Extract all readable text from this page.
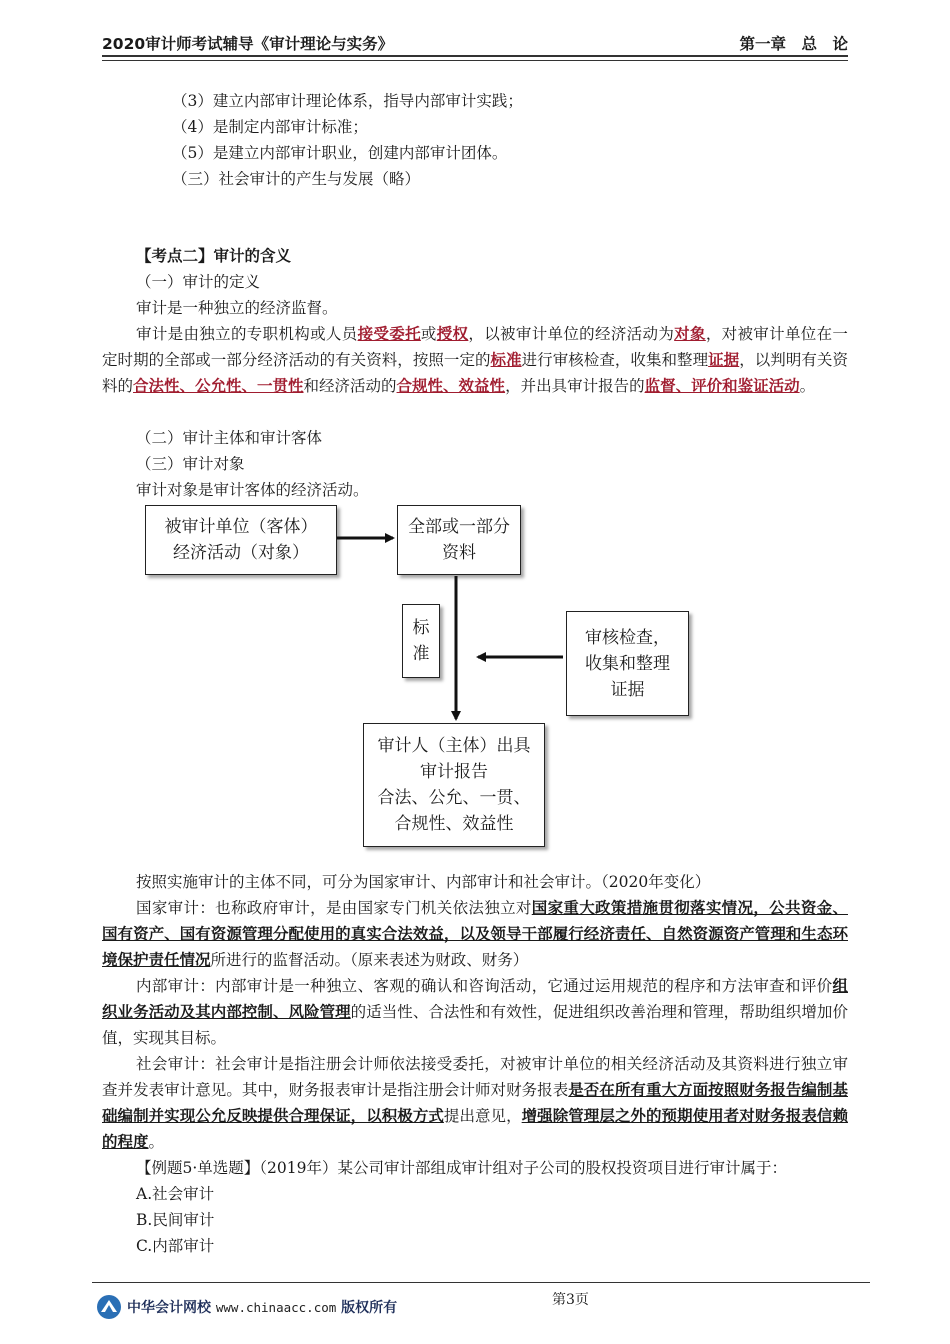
2020审计师考试辅导《审计理论与实务》	第一章　总　论
（3）建立内部审计理论体系，指导内部审计实践；
（4）是制定内部审计标准；
（5）是建立内部审计职业，创建内部审计团体。
（三）社会审计的产生与发展（略）
【考点二】审计的含义
（一）审计的定义
审计是一种独立的经济监督。
审计是由独立的专职机构或人员接受委托或授权，以被审计单位的经济活动为对象，对被审计单位在一定时期的全部或一部分经济活动的有关资料，按照一定的标准进行审核检查，收集和整理证据，以判明有关资料的合法性、公允性、一贯性和经济活动的合规性、效益性，并出具审计报告的监督、评价和鉴证活动。
（二）审计主体和审计客体
（三）审计对象
审计对象是审计客体的经济活动。
被审计单位（客体）
经济活动（对象）
全部或一部分
资料
标
准
审核检查，
收集和整理
证据
审计人（主体）出具
审计报告
合法、公允、一贯、
合规性、效益性
按照实施审计的主体不同，可分为国家审计、内部审计和社会审计。（2020年变化）
国家审计：也称政府审计，是由国家专门机关依法独立对国家重大政策措施贯彻落实情况，公共资金、国有资产、国有资源管理分配使用的真实合法效益，以及领导干部履行经济责任、自然资源资产管理和生态环境保护责任情况所进行的监督活动。（原来表述为财政、财务）
内部审计：内部审计是一种独立、客观的确认和咨询活动，它通过运用规范的程序和方法审查和评价组织业务活动及其内部控制、风险管理的适当性、合法性和有效性，促进组织改善治理和管理，帮助组织增加价值，实现其目标。
社会审计：社会审计是指注册会计师依法接受委托，对被审计单位的相关经济活动及其资料进行独立审查并发表审计意见。其中，财务报表审计是指注册会计师对财务报表是否在所有重大方面按照财务报告编制基础编制并实现公允反映提供合理保证，以积极方式提出意见，增强除管理层之外的预期使用者对财务报表信赖的程度。
【例题5·单选题】（2019年）某公司审计部组成审计组对子公司的股权投资项目进行审计属于：
A.社会审计
B.民间审计
C.内部审计
中华会计网校 www.chinaacc.com 版权所有	第3页
